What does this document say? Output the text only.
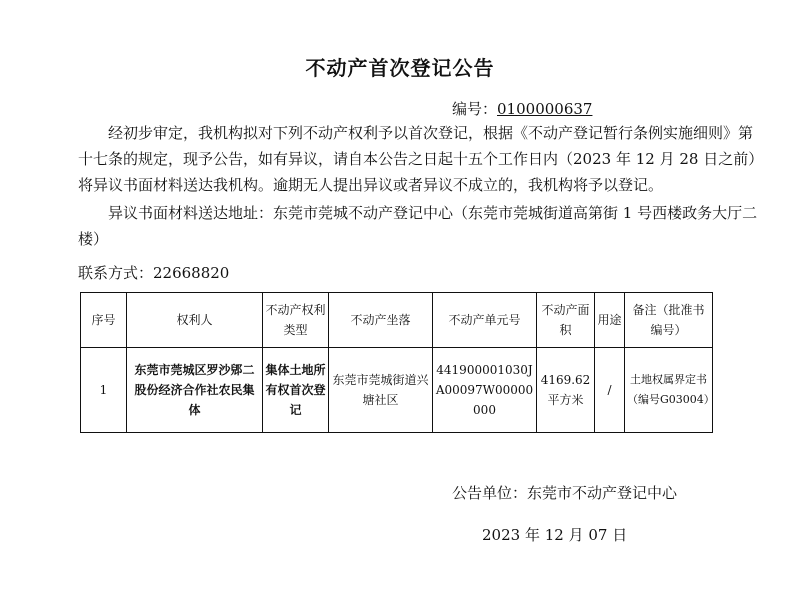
不动产首次登记公告
编号：0100000637
经初步审定，我机构拟对下列不动产权利予以首次登记，根据《不动产登记暂行条例实施细则》第十七条的规定，现予公告，如有异议，请自本公告之日起十五个工作日内（2023 年 12 月 28 日之前）将异议书面材料送达我机构。逾期无人提出异议或者异议不成立的，我机构将予以登记。
异议书面材料送达地址：东莞市莞城不动产登记中心（东莞市莞城街道高第街 1 号西楼政务大厅二楼）
联系方式：22668820
序号	权利人	不动产权利类型	不动产坐落	不动产单元号	不动产面积	用途	备注（批准书编号）
1	东莞市莞城区罗沙郳二股份经济合作社农民集体	集体土地所有权首次登记	东莞市莞城街道兴塘社区	441900001030JA00097W00000000	4169.62平方米	/	土地权属界定书（编号G03004）
公告单位：东莞市不动产登记中心
2023 年 12 月 07 日
